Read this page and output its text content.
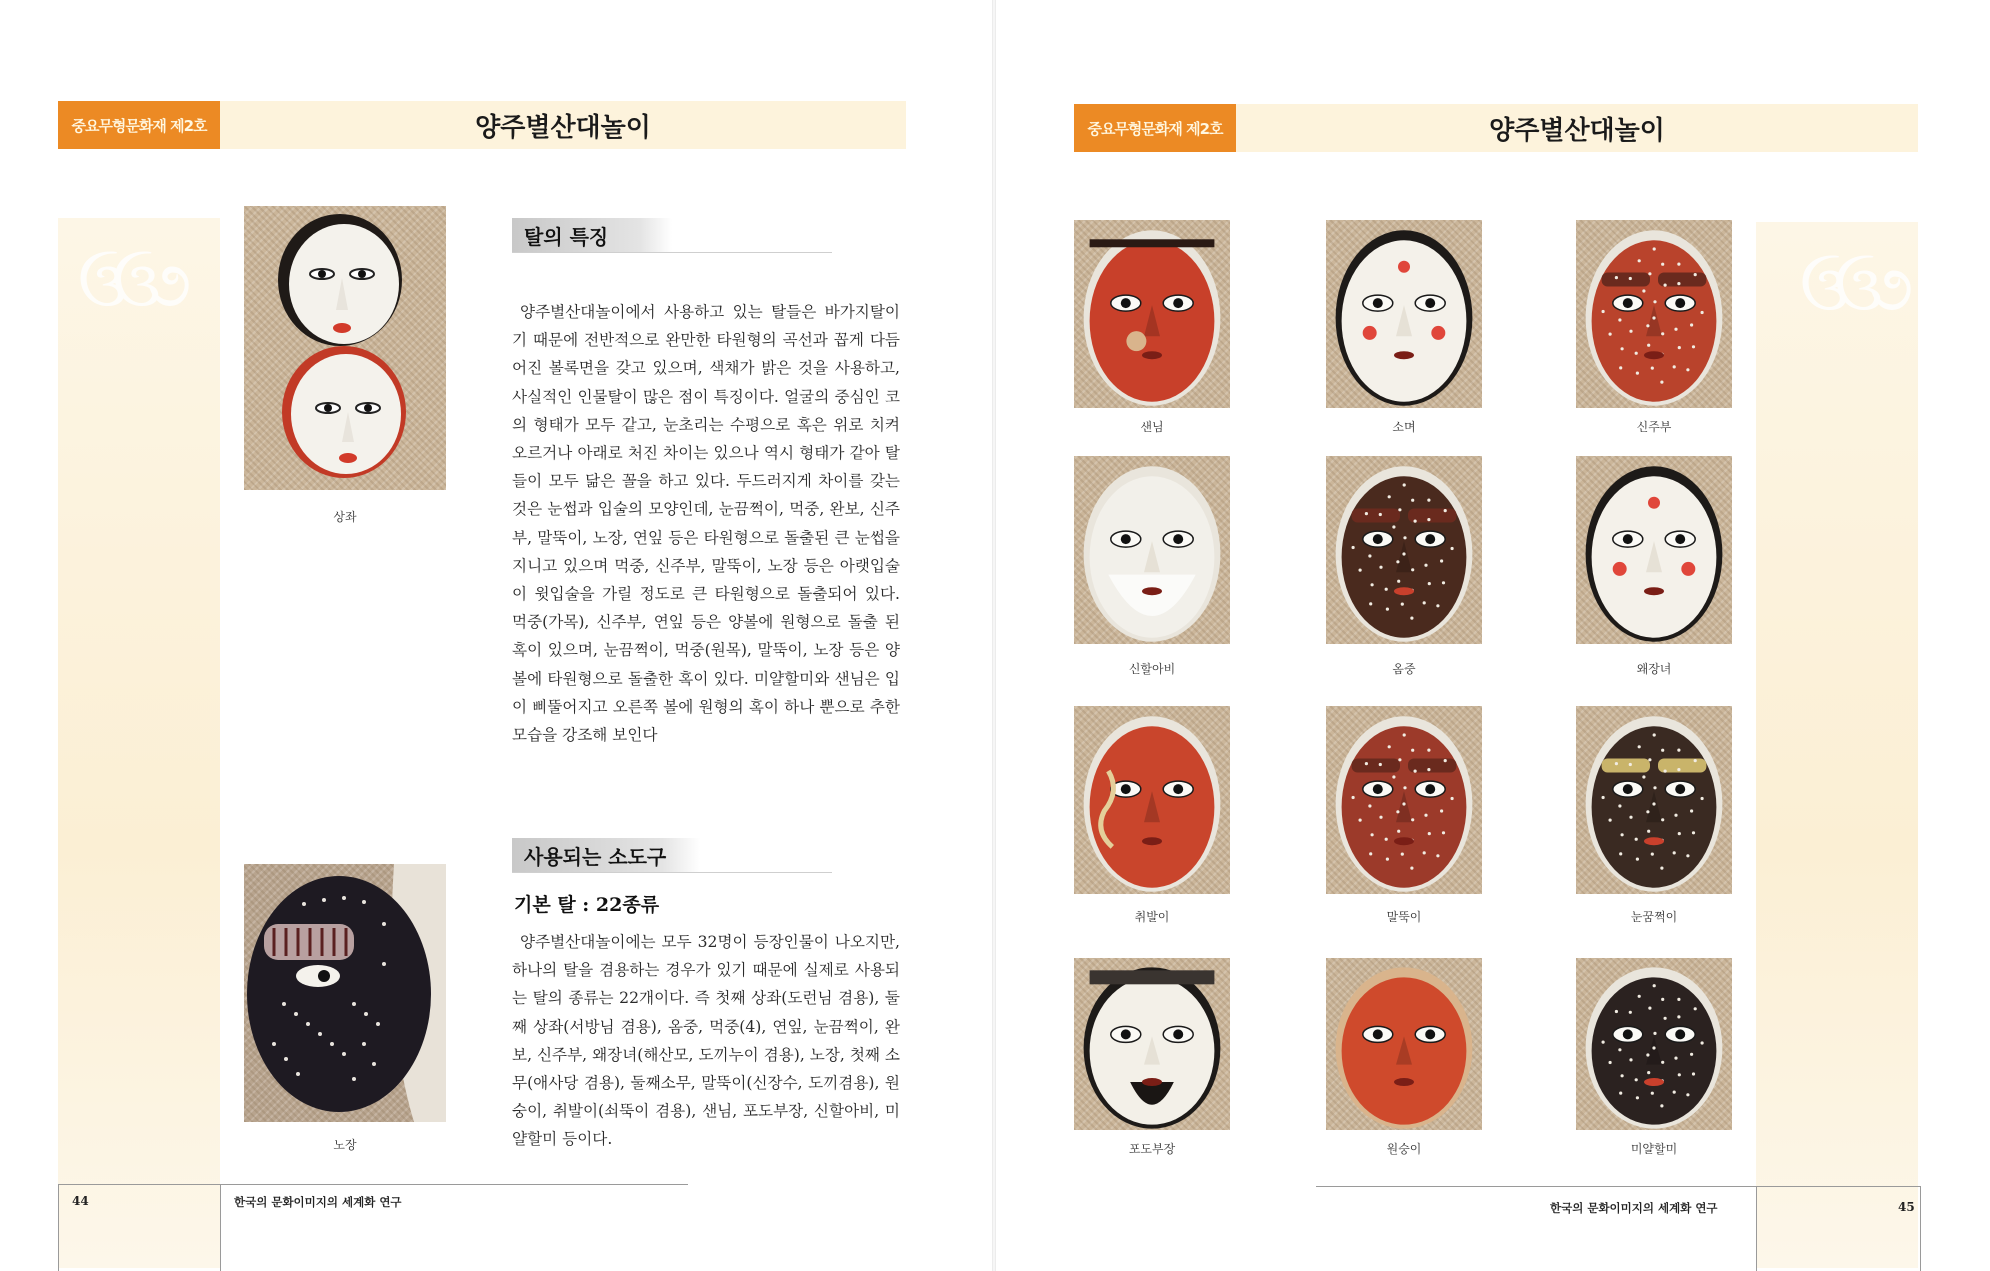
중요무형문화재 제2호	양주별산대놀이
ઉઉ૭
상좌
노장
탈의 특징

양주별산대놀이에서 사용하고 있는 탈들은 바가지탈이기 때문에 전반적으로 완만한 타원형의 곡선과 꼽게 다듬어진 볼록면을 갖고 있으며, 색채가 밝은 것을 사용하고, 사실적인 인물탈이 많은 점이 특징이다. 얼굴의 중심인 코의 형태가 모두 같고, 눈초리는 수평으로 혹은 위로 치켜오르거나 아래로 처진 차이는 있으나 역시 형태가 같아 탈들이 모두 닮은 꼴을 하고 있다. 두드러지게 차이를 갖는 것은 눈썹과 입술의 모양인데, 눈끔쩍이, 먹중, 완보, 신주부, 말뚝이, 노장, 연잎 등은 타원형으로 돌출된 큰 눈썹을 지니고 있으며 먹중, 신주부, 말뚝이, 노장 등은 아랫입술이 윗입술을 가릴 정도로 큰 타원형으로 돌출되어 있다. 먹중(가목), 신주부, 연잎 등은 양볼에 원형으로 돌출 된 혹이 있으며, 눈끔쩍이, 먹중(원목), 말뚝이, 노장 등은 양볼에 타원형으로 돌출한 혹이 있다. 미얄할미와 샌님은 입이 삐뚤어지고 오른쪽 볼에 원형의 혹이 하나 뿐으로 추한 모습을 강조해 보인다

사용되는 소도구
기본 탈 : 22종류

양주별산대놀이에는 모두 32명이 등장인물이 나오지만, 하나의 탈을 겸용하는 경우가 있기 때문에 실제로 사용되는 탈의 종류는 22개이다. 즉 첫째 상좌(도런님 겸용), 둘째 상좌(서방님 겸용), 옴중, 먹중(4), 연잎, 눈끔쩍이, 완보, 신주부, 왜장녀(해산모, 도끼누이 겸용), 노장, 첫째 소무(애사당 겸용), 둘째소무, 말뚝이(신장수, 도끼겸용), 원숭이, 취발이(쇠뚝이 겸용), 샌님, 포도부장, 신할아비, 미얄할미 등이다.

44	한국의 문화이미지의 세계화 연구
중요무형문화재 제2호	양주별산대놀이
ઉઉ૭
샌님	소며	신주부
신할아비	옴중	왜장녀
취발이	말뚝이	눈꿈쩍이
포도부장	원숭이	미얄할미
한국의 문화이미지의 세계화 연구	45
